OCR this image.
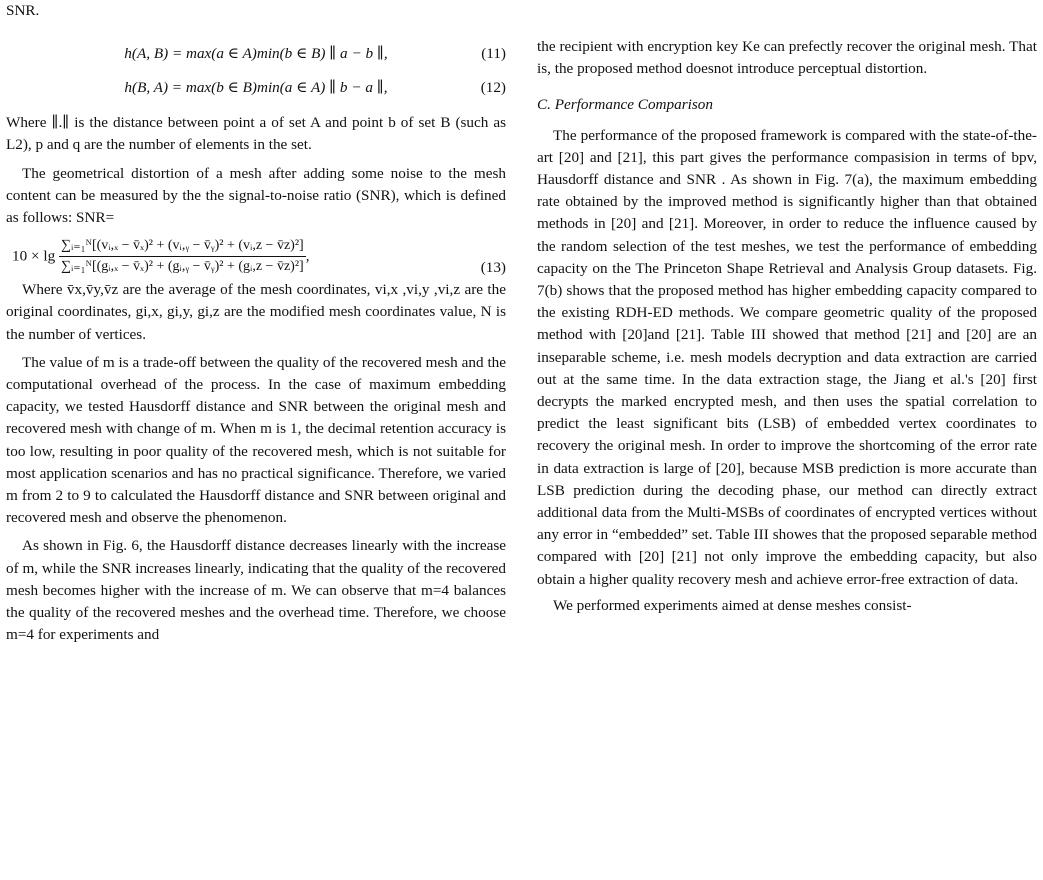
SNR.

h(A, B) = max(a ∈ A)min(b ∈ B) ∥ a − b ∥,	(11)
h(B, A) = max(b ∈ B)min(a ∈ A) ∥ b − a ∥,	(12)

Where ∥.∥ is the distance between point a of set A and point b of set B (such as L2), p and q are the number of elements in the set.

The geometrical distortion of a mesh after adding some noise to the mesh content can be measured by the the signal-to-noise ratio (SNR), which is defined as follows: SNR=

$10 \times \lg \frac{\text{∑ᵢ₌₁ᴺ[(vᵢ,ₓ − v̄ₓ)² + (vᵢ,ᵧ − v̄ᵧ)² + (vᵢ,z − v̄z)²]}}{\text{∑ᵢ₌₁ᴺ[(gᵢ,ₓ − v̄ₓ)² + (gᵢ,ᵧ − v̄ᵧ)² + (gᵢ,z − v̄z)²]}}$ ,
(13)

Where v̄x,v̄y,v̄z are the average of the mesh coordinates, vi,x ,vi,y ,vi,z are the original coordinates, gi,x, gi,y, gi,z are the modified mesh coordinates value, N is the number of vertices.

The value of m is a trade-off between the quality of the recovered mesh and the computational overhead of the process. In the case of maximum embedding capacity, we tested Hausdorff distance and SNR between the original mesh and recovered mesh with change of m. When m is 1, the decimal retention accuracy is too low, resulting in poor quality of the recovered mesh, which is not suitable for most application scenarios and has no practical significance. Therefore, we varied m from 2 to 9 to calculated the Hausdorff distance and SNR between original and recovered mesh and observe the phenomenon.

As shown in Fig. 6, the Hausdorff distance decreases linearly with the increase of m, while the SNR increases linearly, indicating that the quality of the recovered mesh becomes higher with the increase of m. We can observe that m=4 balances the quality of the recovered meshes and the overhead time. Therefore, we choose m=4 for experiments and

the recipient with encryption key Ke can prefectly recover the original mesh. That is, the proposed method doesnot introduce perceptual distortion.

C. Performance Comparison

The performance of the proposed framework is compared with the state-of-the-art [20] and [21], this part gives the performance compasision in terms of bpv, Hausdorff distance and SNR . As shown in Fig. 7(a), the maximum embedding rate obtained by the improved method is significantly higher than that obtained methods in [20] and [21]. Moreover, in order to reduce the influence caused by the random selection of the test meshes, we test the performance of embedding capacity on the The Princeton Shape Retrieval and Analysis Group datasets. Fig. 7(b) shows that the proposed method has higher embedding capacity compared to the existing RDH-ED methods. We compare geometric quality of the proposed method with [20]and [21]. Table III showed that method [21] and [20] are an inseparable scheme, i.e. mesh models decryption and data extraction are carried out at the same time. In the data extraction stage, the Jiang et al.'s [20] first decrypts the marked encrypted mesh, and then uses the spatial correlation to predict the least significant bits (LSB) of embedded vertex coordinates to recovery the original mesh. In order to improve the shortcoming of the error rate in data extraction is large of [20], because MSB prediction is more accurate than LSB prediction during the decoding phase, our method can directly extract additional data from the Multi-MSBs of coordinates of encrypted vertices without any error in “embedded” set. Table III showes that the proposed separable method compared with [20] [21] not only improve the embedding capacity, but also obtain a higher quality recovery mesh and achieve error-free extraction of data.

We performed experiments aimed at dense meshes consist-
